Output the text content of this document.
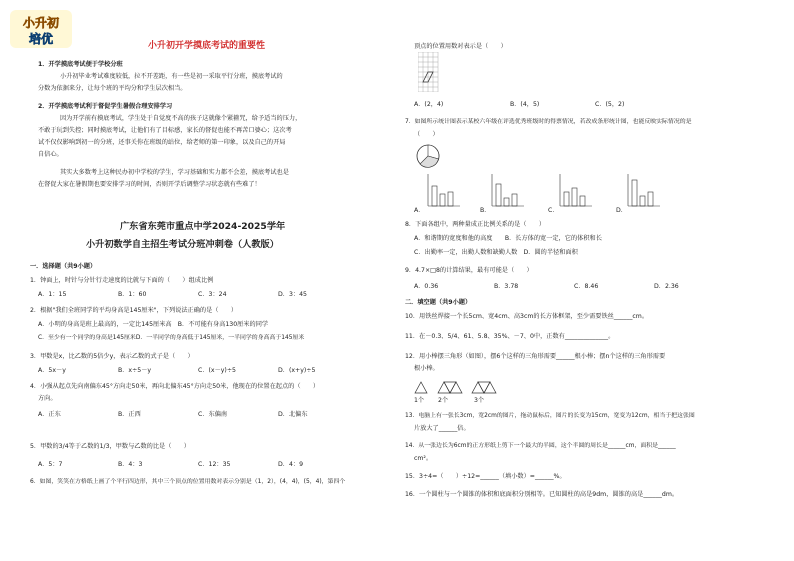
小升初
培优	小升初开学摸底考试的重要性
1．开学摸底考试便于学校分班
小升初毕业考试难度较低，拉不开差距，有一些是初一采取平行分班，摸底考试的
分数为依据来分，让每个班的平均分和学生层次相当。
2．开学摸底考试利于督促学生暑假合理安排学习
因为开学前有摸底考试，学生处于自觉度不高的孩子这就像个紧箍咒，给予适当的压力，
不敢于玩到失控；同时摸底考试，让他们有了目标感，家长的督促也能不再苦口婆心；这次考
试不仅仅影响到初一的分班，还事关你在班级的站位，给老师的第一印象，以及自己的开局
自信心。
其实大多数考上这种民办初中学校的学生，学习基础和实力都不会差，摸底考试也是
在督促大家在暑假期也要安排学习的时间，否则开学后调整学习状态就有些难了！
广东省东莞市重点中学2024-2025学年
小升初数学自主招生考试分班冲刺卷（人教版）
一．选择题（共9小题）
1．钟面上，时针与分针行走速度的比就与下面的（　　）组成比例
A．1：15	B．1：60	C．3：24	D．3：45
2．根据"我们全班同学的平均身高是145厘米"，下列说法正确的是（　　）
A．小明的身高是班上最高的，一定比145厘米高　B．不可能有身高130厘米的同学
C．至少有一个同学的身高是145厘米D．一半同学的身高低于145厘米，一半同学的身高高于145厘米
3．甲数是x，比乙数的5倍少y，表示乙数的式子是（　　）
A．5x－y	B．x÷5－y	C．(x－y)÷5	D．(x+y)÷5
4．小强从起点先向南偏东45°方向走50米，再向北偏东45°方向走50米，他现在的位置在起点的（　　）
方向。
A．正东	B．正西	C．东偏南	D．北偏东
5．甲数的3/4等于乙数的1/3，甲数与乙数的比是（　　）
A．5：7	B．4：3	C．12：35	D．4：9
6．如图，笑笑在方格纸上画了个平行四边形，其中三个顶点的位置用数对表示分别是（1，2），(4，4)，(5，4)，第四个
顶点的位置用数对表示是（　　）
A．(2，4)	B．(4，5)	C．(5，2)
7．如图所示统计图表示某校六年级在评选优秀班级时的得票情况，若改成条形统计图，也能反映实际情况的是
（　　）
A．	B．	C．	D．
8．下面各组中，两种量成正比例关系的是（　　）
A．和谐期的宽度和他的高度　　B．长方体的宽一定，它的体积和长
C．出勤率一定，出勤人数和缺勤人数　D．圆的半径和面积
9．4.7×□8的计算结果，最有可能是（　　）
A．0.36	B．3.78	C．8.46	D．2.36
二．填空题（共9小题）
10．用铁丝焊接一个长5cm、宽4cm、高3cm的长方体框架，至少需要铁丝______cm。
11．在－0.3、5/4、61、5.8、35%、－7、0中，正数有______________。
12．用小棒摆三角形（如图），摆6个这样的三角形需要______根小棒；摆n个这样的三角形需要
根小棒。
1个 2个	3个
13．电脑上有一张长3cm，宽2cm的图片，拖动鼠标后，图片的长变为15cm，宽变为12cm，相当于把这张图
片放大了______倍。
14．从一张边长为6cm的正方形纸上剪下一个最大的半圆，这个半圆的周长是______cm，面积是______
cm²。
15．3÷4=（　　）÷12=______（填小数）=______%。
16．一个圆柱与一个圆锥的体积和底面积分别相等。已知圆柱的高是9dm，圆锥的高是______dm。
